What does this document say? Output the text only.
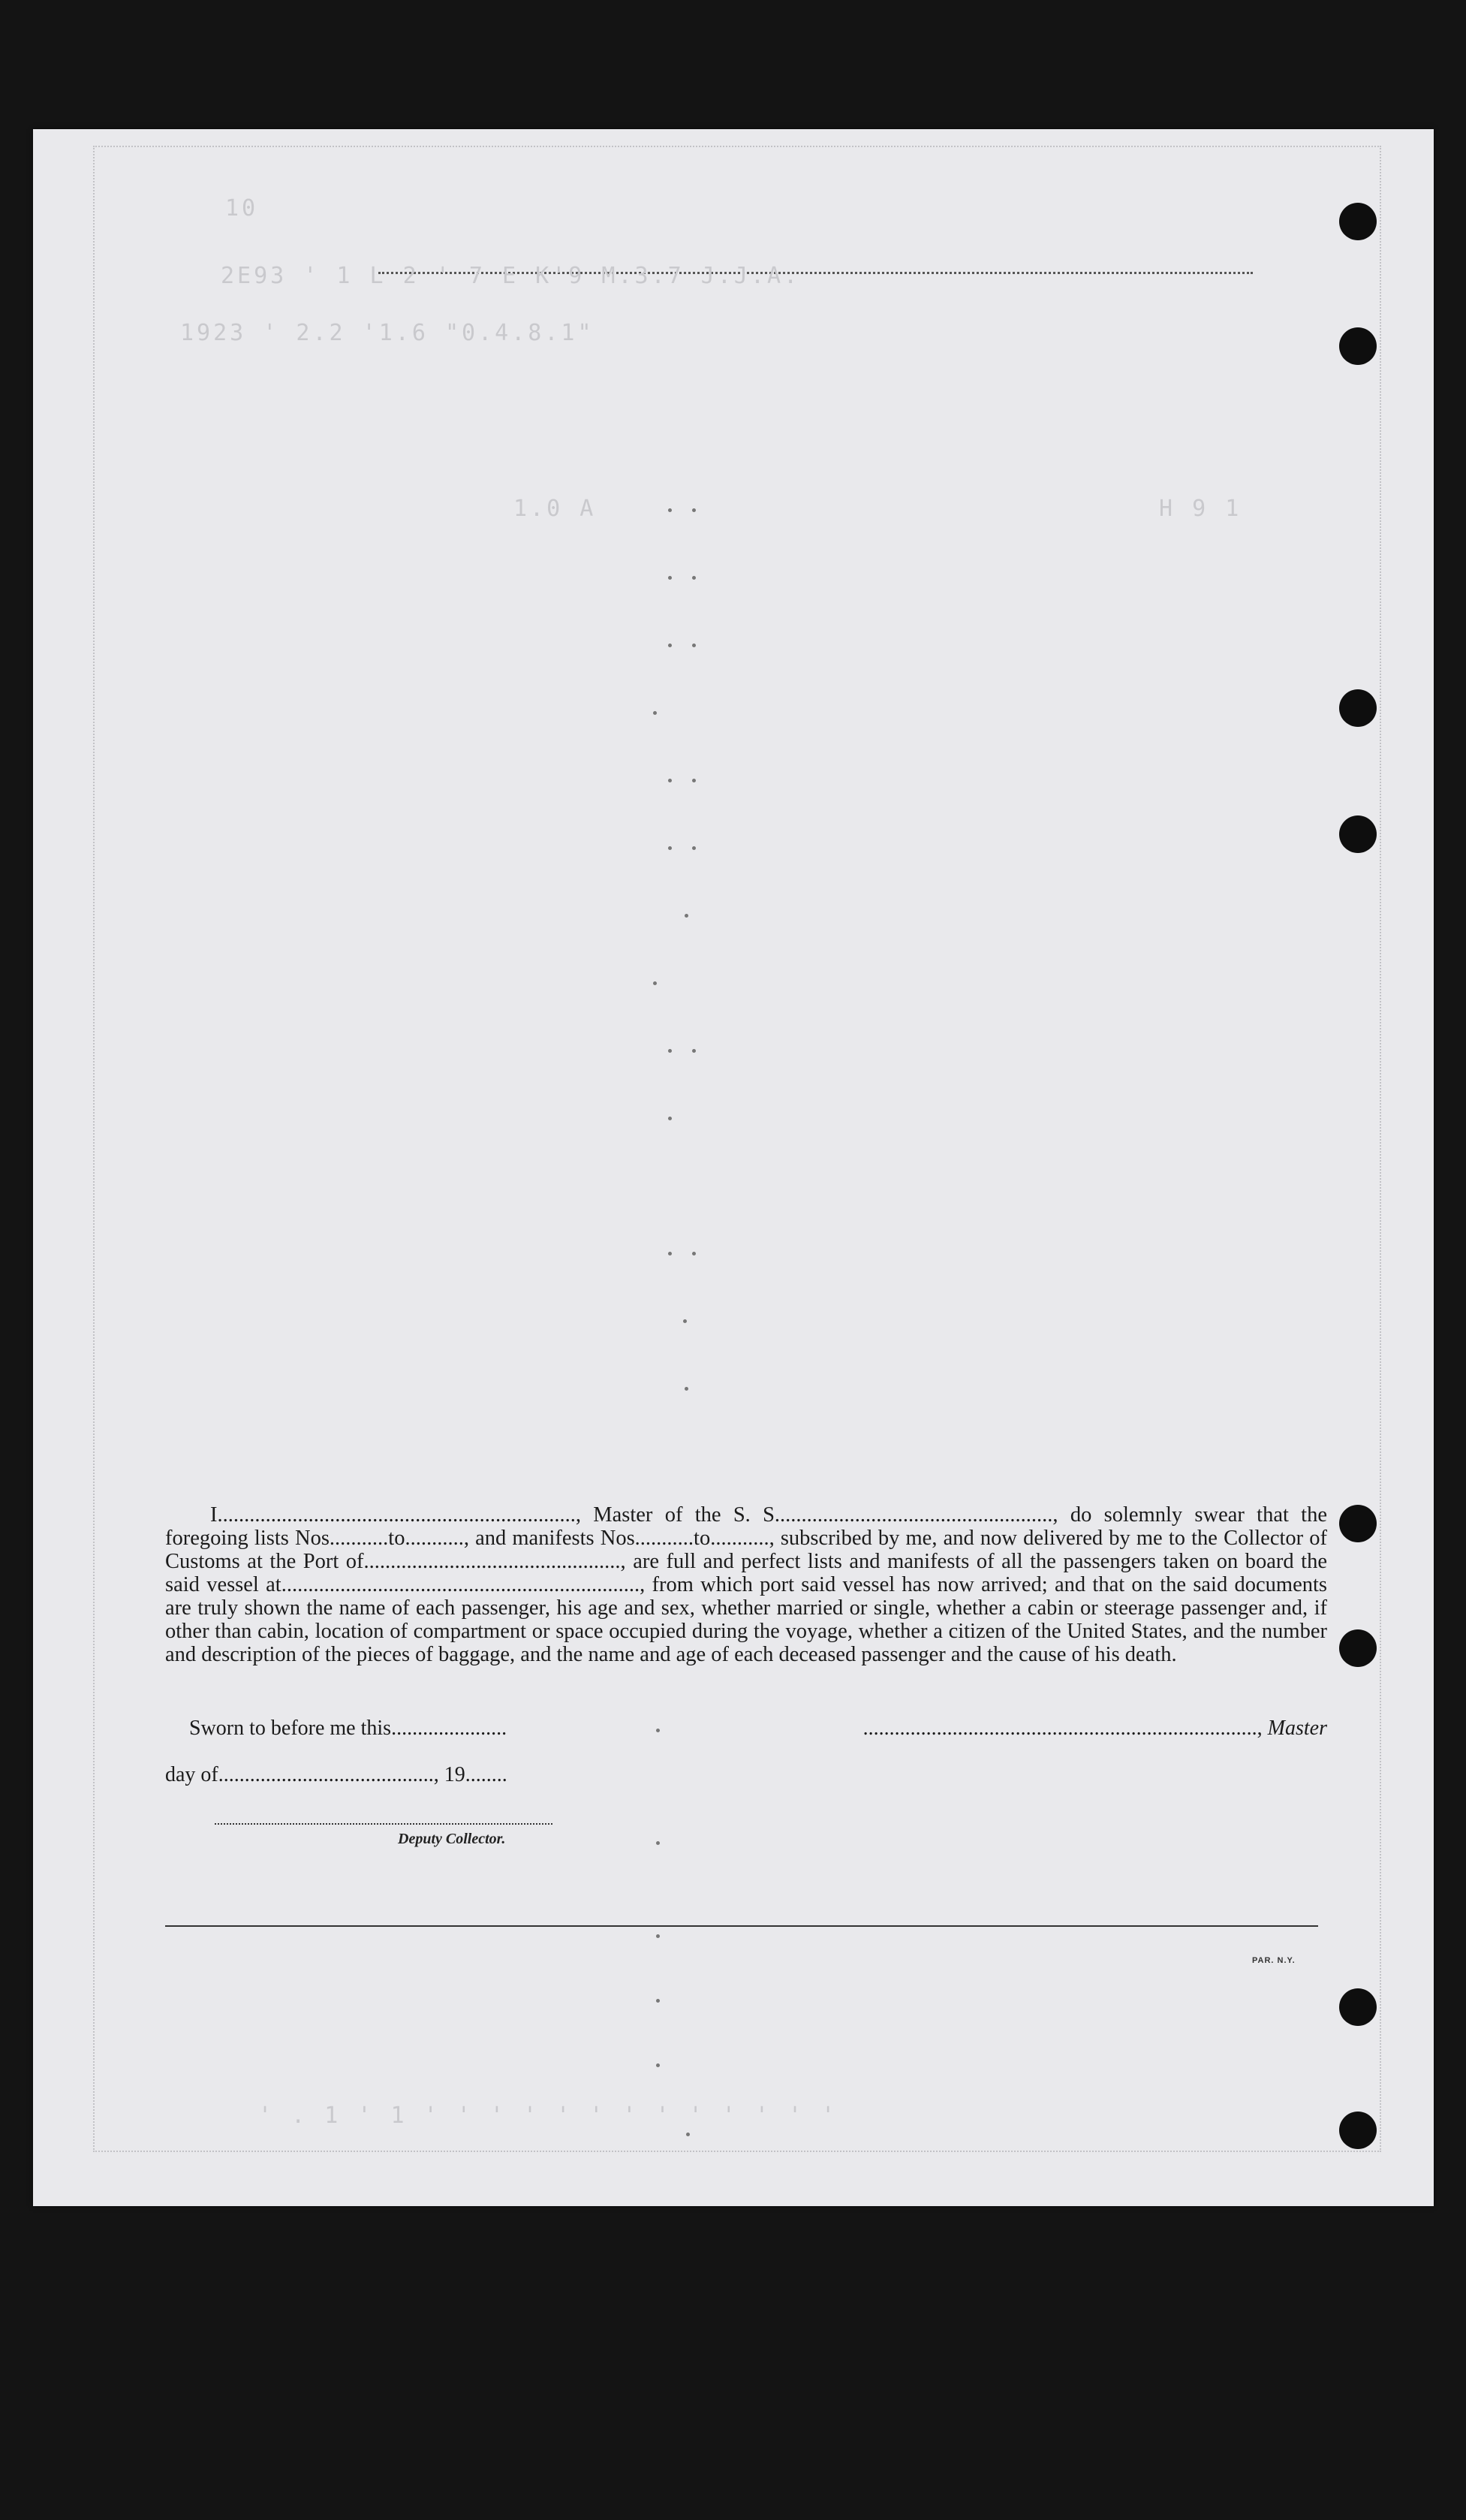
10
2E93 ' 1 L 2 ' 7 E K'9 M.3.7 J.J.A.
1923 ' 2.2 '1.6 "0.4.8.1"
1.0 A	H 9 1
' . 1 ' 1 ' ' ' ' ' ' ' ' ' ' ' ' '

I..................................................................., Master of the S. S...................................................., do solemnly swear that the foregoing lists Nos...........to..........., and manifests Nos...........to..........., subscribed by me, and now delivered by me to the Collector of Customs at the Port of................................................, are full and perfect lists and manifests of all the passengers taken on board the said vessel at..................................................................., from which port said vessel has now arrived; and that on the said documents are truly shown the name of each passenger, his age and sex, whether married or single, whether a cabin or steerage passenger and, if other than cabin, location of compartment or space occupied during the voyage, whether a citizen of the United States, and the number and description of the pieces of baggage, and the name and age of each deceased passenger and the cause of his death.

Sworn to before me this......................	..........................................................................., Master
day of........................................., 19........
Deputy Collector.
PAR. N.Y.
